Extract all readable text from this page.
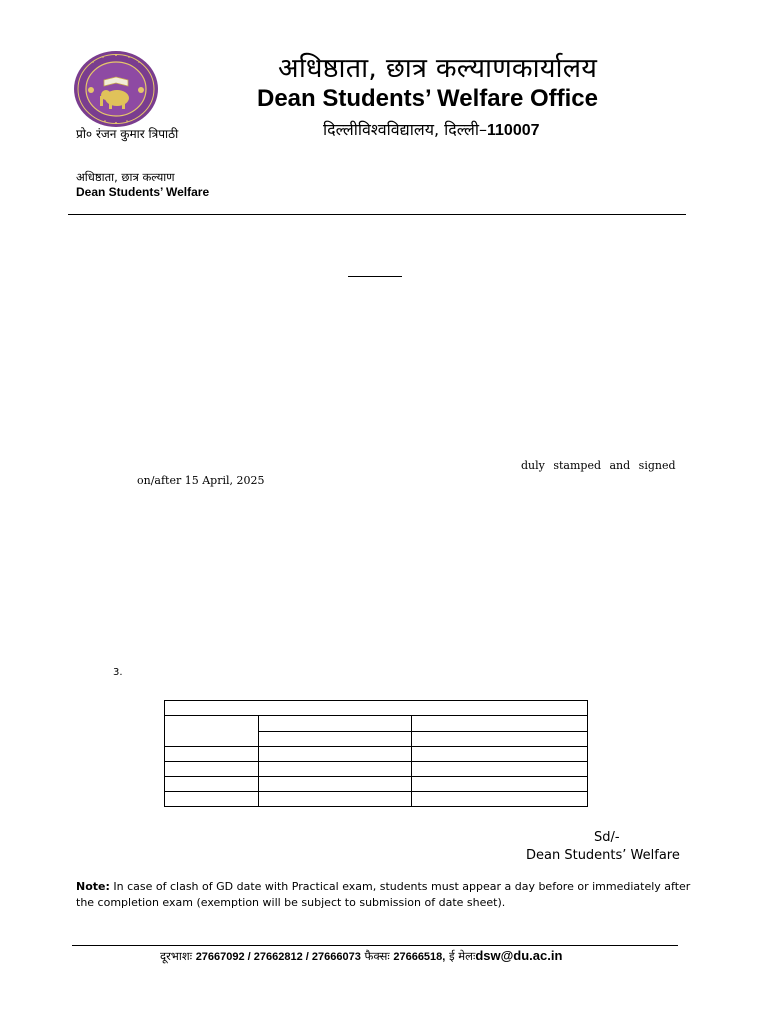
अधिष्ठाता, छात्र कल्याणकार्यालय
Dean Students’ Welfare Office
दिल्लीविश्वविद्यालय, दिल्ली–110007
प्रो० रंजन कुमार त्रिपाठी
अधिष्ठाता, छात्र कल्याण
Dean Students’ Welfare
duly stamped and signed
on/after 15 April, 2025
3.

Sd/-
Dean Students’ Welfare
Note: In case of clash of GD date with Practical exam, students must appear a day before or immediately after the completion exam (exemption will be subject to submission of date sheet).
दूरभाशः 27667092 / 27662812 / 27666073 फैक्सः 27666518, ई मेलःdsw@du.ac.in
